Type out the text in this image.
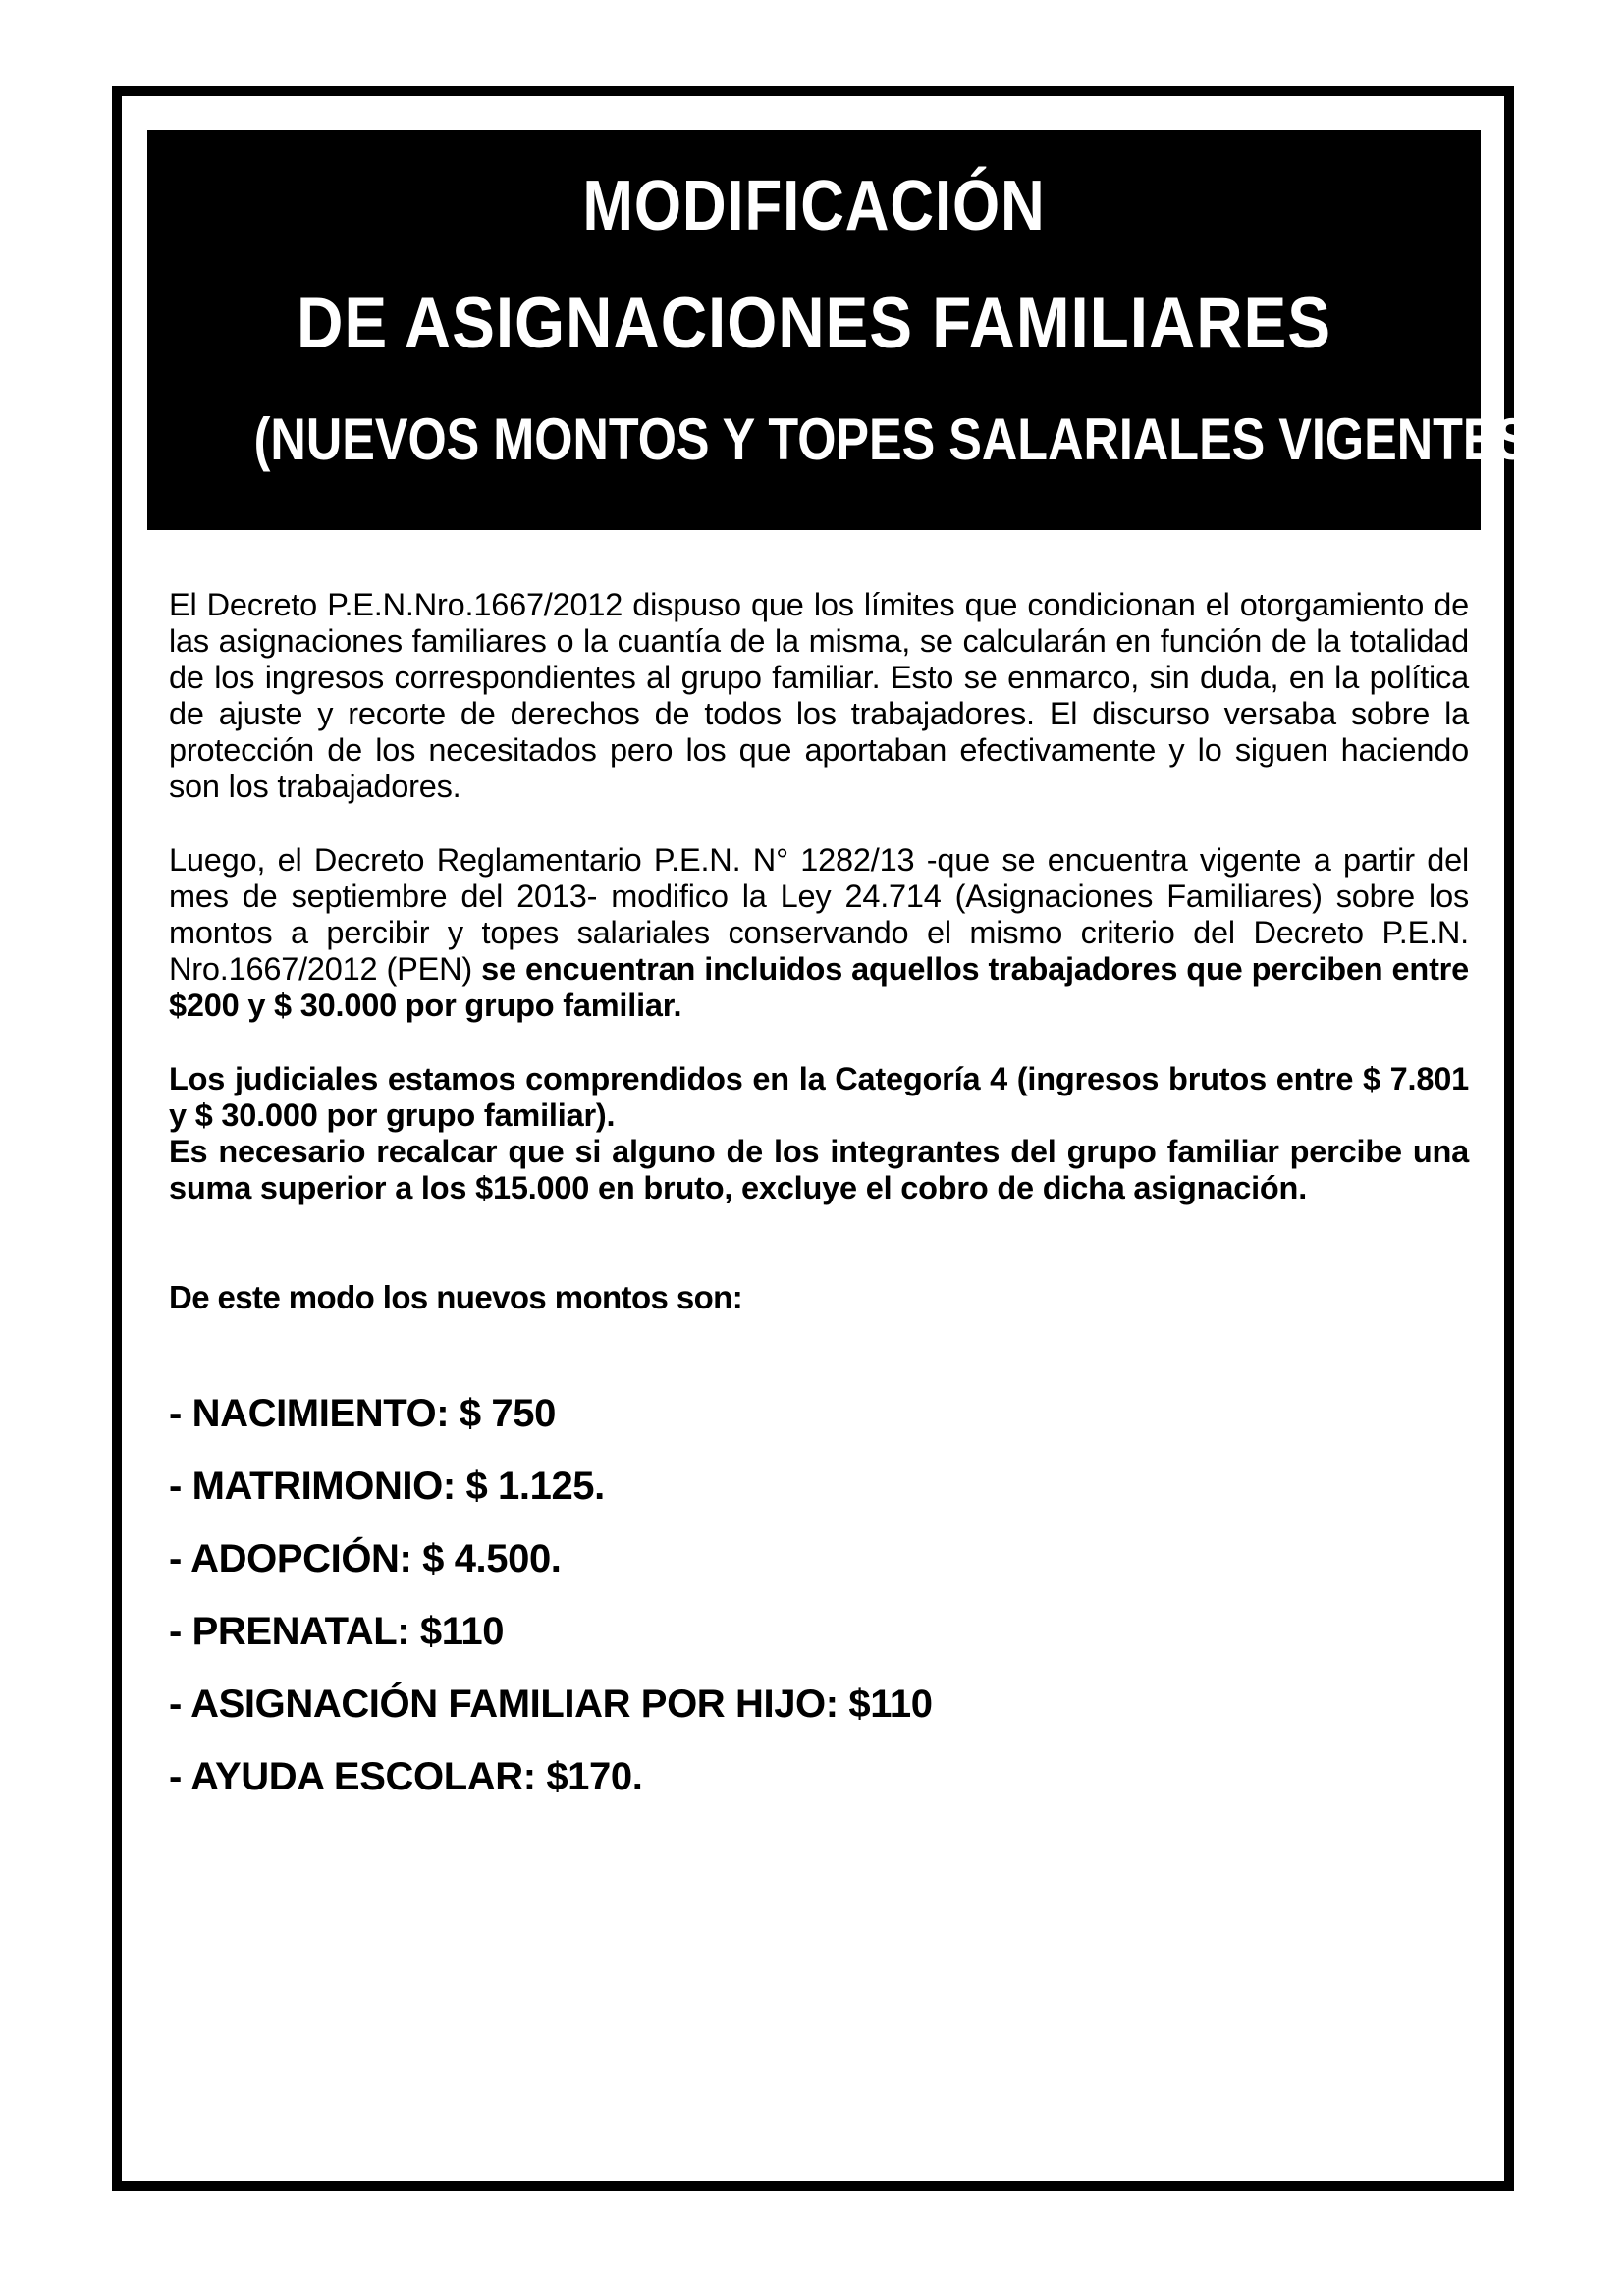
MODIFICACIÓN
DE ASIGNACIONES FAMILIARES
(NUEVOS MONTOS Y TOPES SALARIALES VIGENTES)

El Decreto P.E.N.Nro.1667/2012 dispuso que los límites que condicionan el otorgamiento de las asignaciones familiares o la cuantía de la misma, se calcularán en función de la totalidad de los ingresos correspondientes al grupo familiar. Esto se enmarco, sin duda, en la política de ajuste y recorte de derechos de todos los trabajadores. El discurso versaba sobre la protección de los necesitados pero los que aportaban efectivamente y lo siguen haciendo son los trabajadores.

Luego, el Decreto Reglamentario P.E.N. N° 1282/13 -que se encuentra vigente a partir del mes de septiembre del 2013- modifico la Ley 24.714 (Asignaciones Familiares) sobre los montos a percibir y topes salariales conservando el mismo criterio del Decreto P.E.N. Nro.1667/2012 (PEN) se encuentran incluidos aquellos trabajadores que perciben entre $200 y $ 30.000 por grupo familiar.

Los judiciales estamos comprendidos en la Categoría 4 (ingresos brutos entre $ 7.801 y $ 30.000 por grupo familiar).

Es necesario recalcar que si alguno de los integrantes del grupo familiar percibe una suma superior a los $15.000 en bruto, excluye el cobro de dicha asignación.

De este modo los nuevos montos son:
- NACIMIENTO: $ 750
- MATRIMONIO: $ 1.125.
- ADOPCIÓN: $ 4.500.
- PRENATAL: $110
- ASIGNACIÓN FAMILIAR POR HIJO: $110
- AYUDA ESCOLAR: $170.
